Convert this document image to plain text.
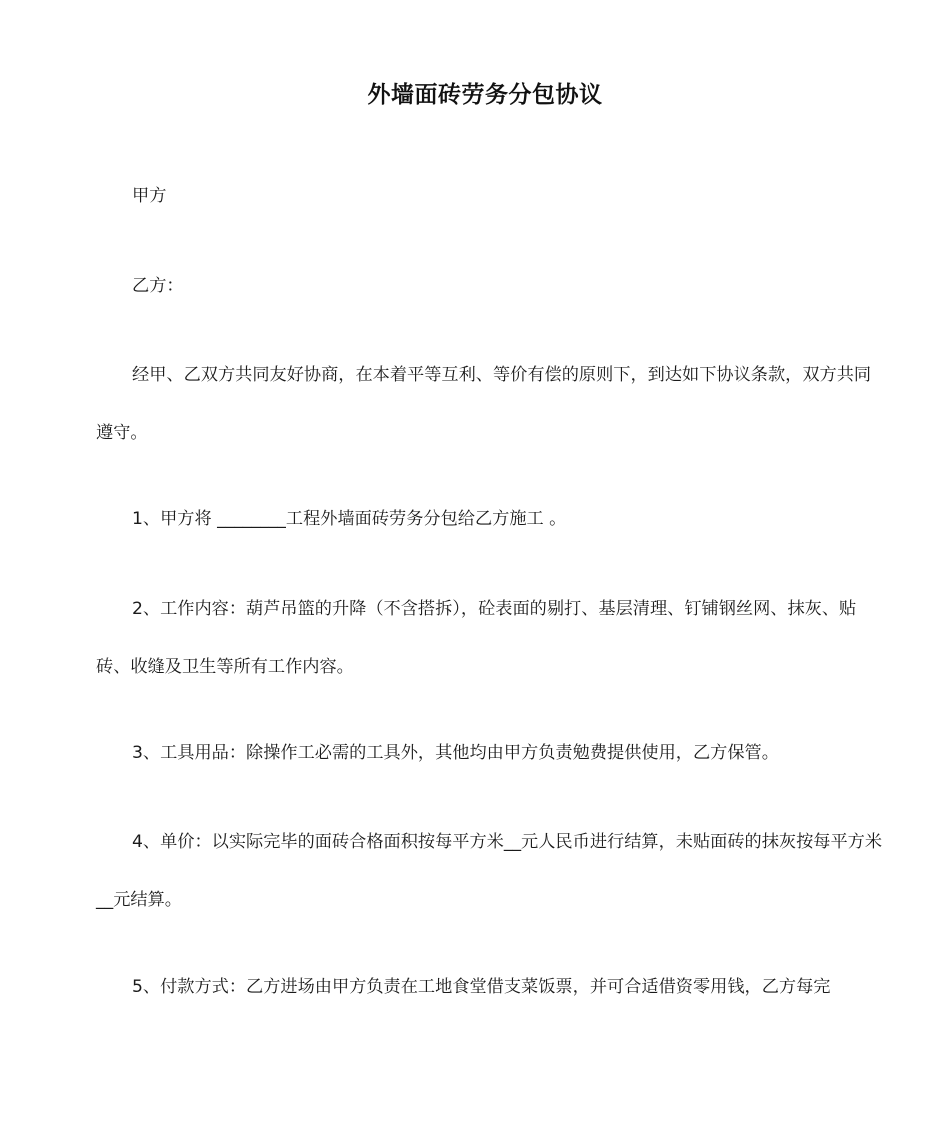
外墙面砖劳务分包协议

甲方

乙方：

经甲、乙双方共同友好协商，在本着平等互利、等价有偿的原则下，到达如下协议条款，双方共同遵守。

1、甲方将 ________工程外墙面砖劳务分包给乙方施工 。

2、工作内容：葫芦吊篮的升降（不含搭拆），砼表面的剔打、基层清理、钉铺钢丝网、抹灰、贴砖、收缝及卫生等所有工作内容。

3、工具用品：除操作工必需的工具外，其他均由甲方负责勉费提供使用，乙方保管。

4、单价：以实际完毕的面砖合格面积按每平方米__元人民币进行结算，未贴面砖的抹灰按每平方米__元结算。

5、付款方式：乙方进场由甲方负责在工地食堂借支菜饭票，并可合适借资零用钱，乙方每完
